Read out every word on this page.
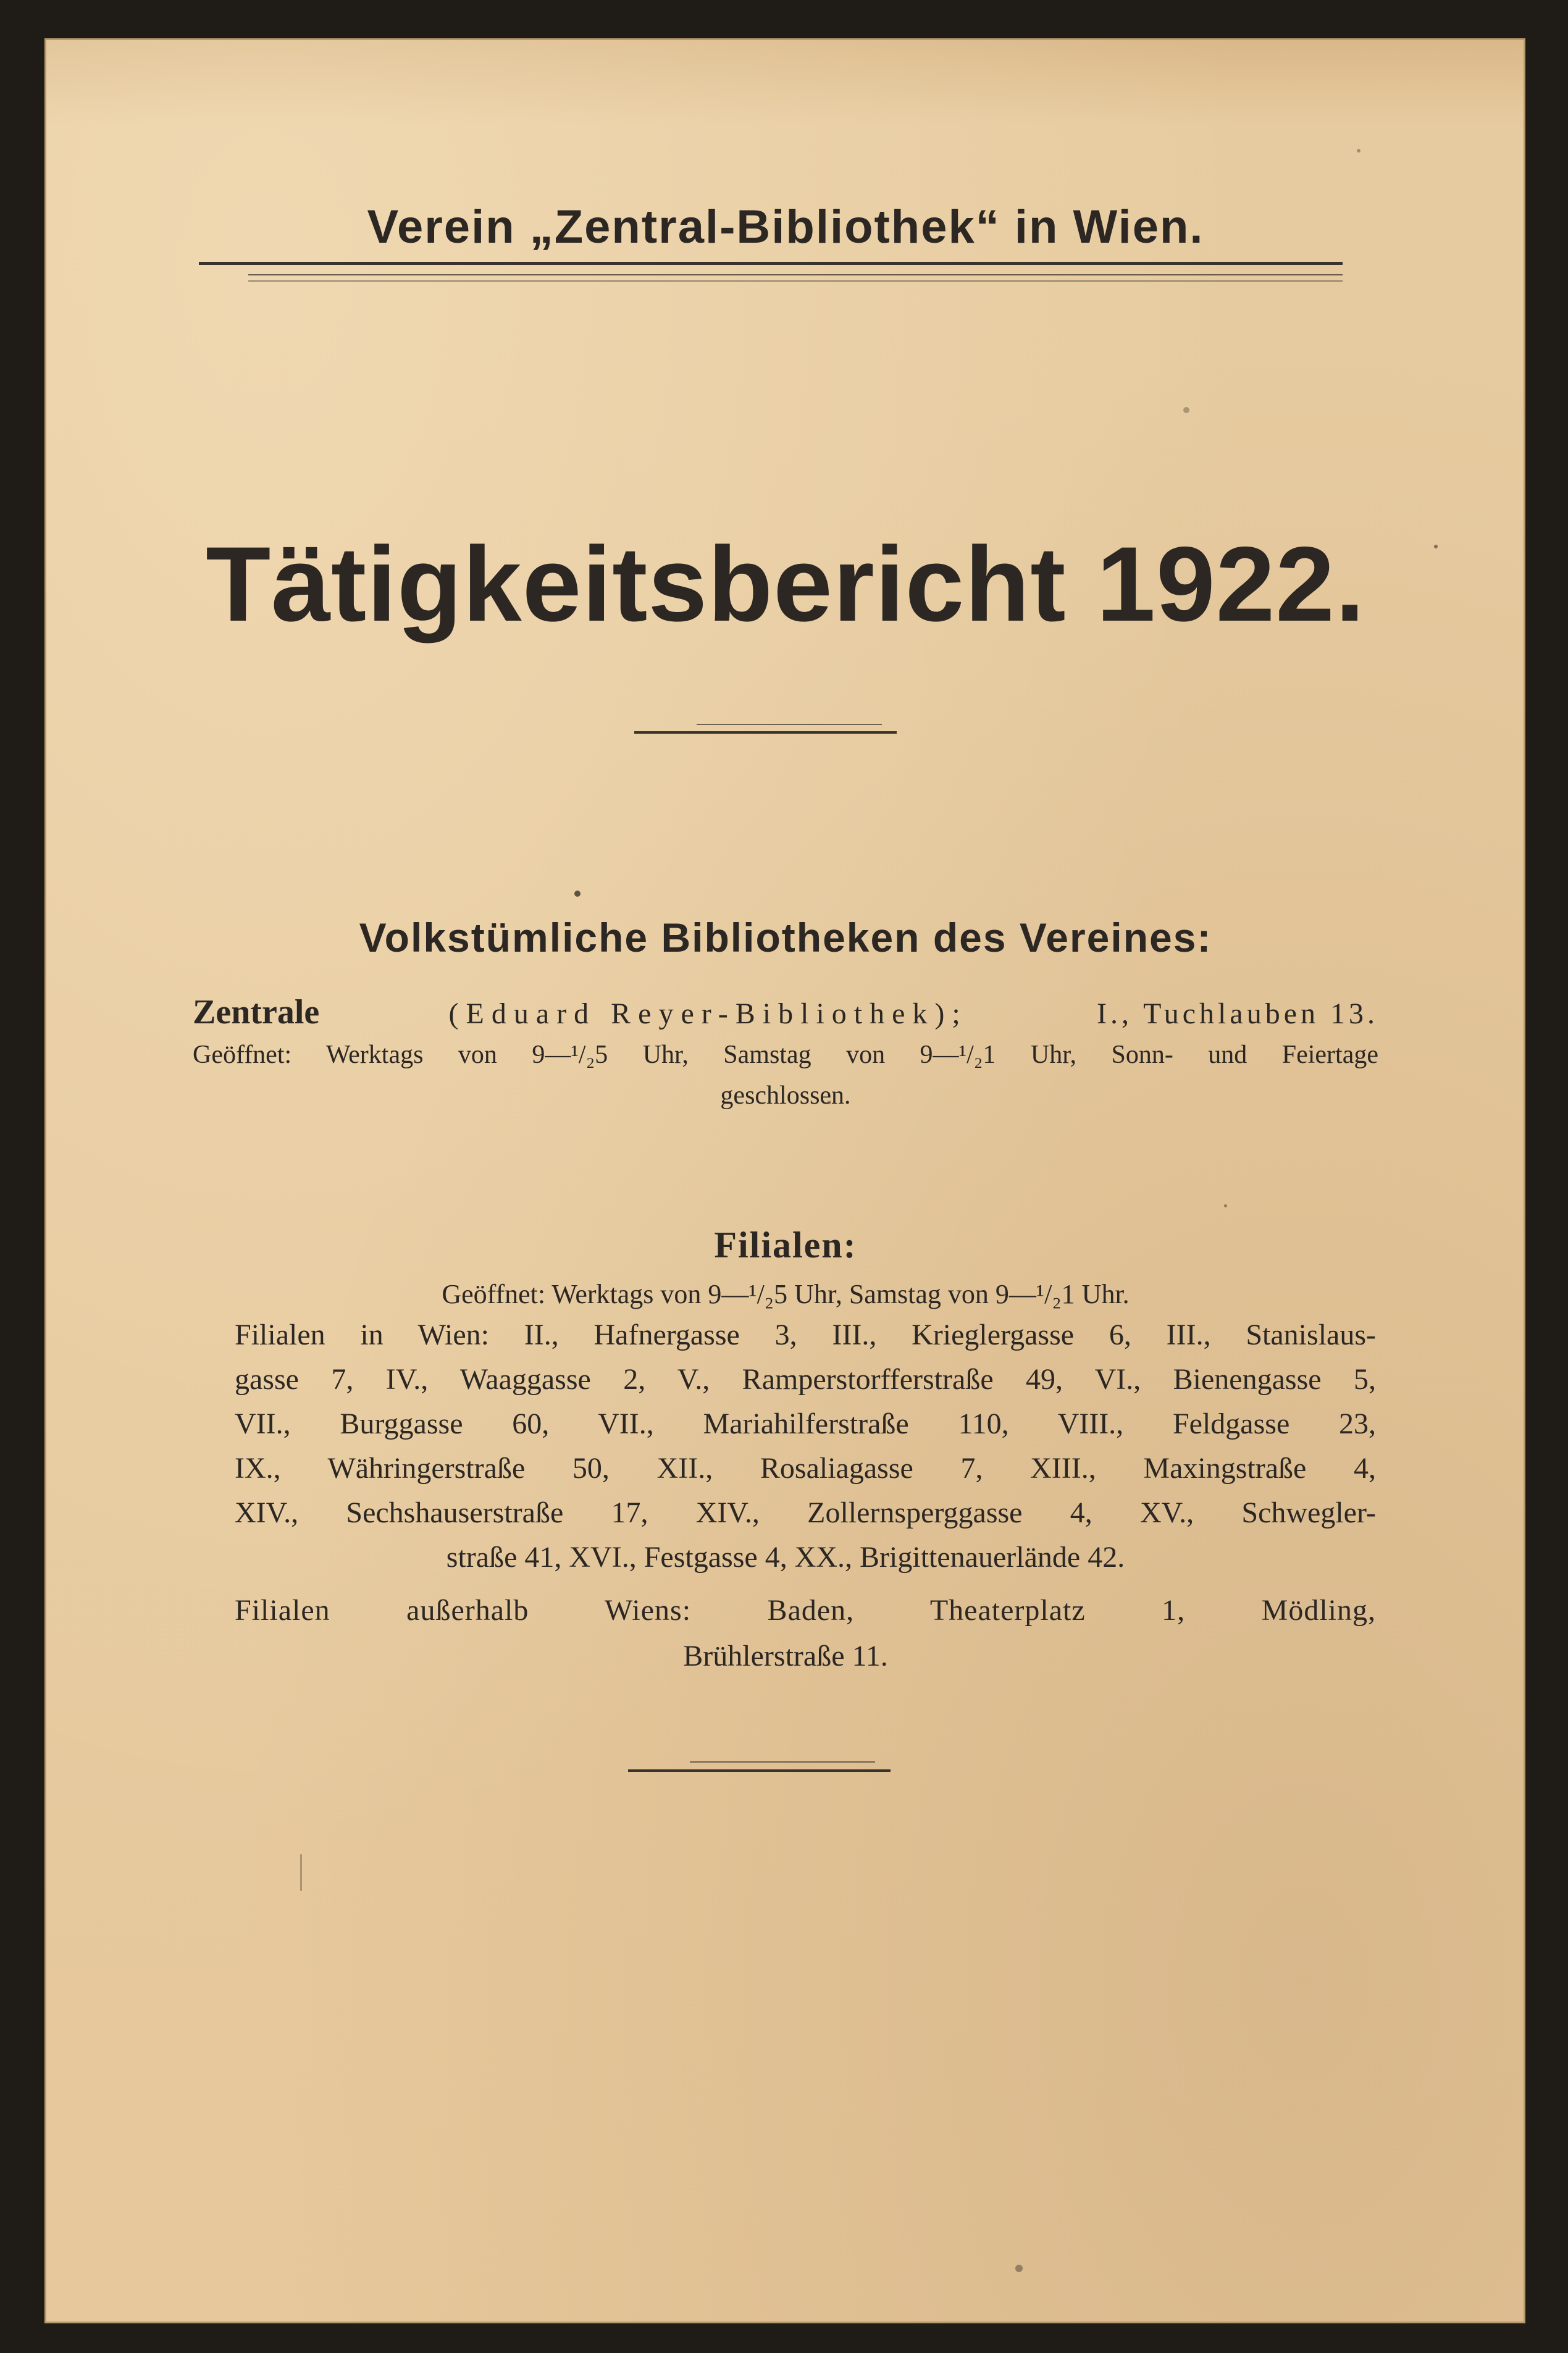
Verein „Zentral-Bibliothek“ in Wien.
Tätigkeitsbericht 1922.
Volkstümliche Bibliotheken des Vereines:
Zentrale	(Eduard Reyer-Bibliothek);	I., Tuchlauben 13.
Geöffnet: Werktags von 9—¹/₂5 Uhr, Samstag von 9—¹/₂1 Uhr, Sonn- und Feiertage
geschlossen.
Filialen:
Geöffnet: Werktags von 9—¹/₂5 Uhr, Samstag von 9—¹/₂1 Uhr.
Filialen in Wien: II., Hafnergasse 3, III., Krieglergasse 6, III., Stanislaus-
gasse 7, IV., Waaggasse 2, V., Ramperstorfferstraße 49, VI., Bienengasse 5,
VII., Burggasse 60, VII., Mariahilferstraße 110, VIII., Feldgasse 23,
IX., Währingerstraße 50, XII., Rosaliagasse 7, XIII., Maxingstraße 4,
XIV., Sechshauserstraße 17, XIV., Zollernsperggasse 4, XV., Schwegler-
straße 41, XVI., Festgasse 4, XX., Brigittenauerlände 42.
Filialen außerhalb Wiens: Baden, Theaterplatz 1, Mödling,
Brühlerstraße 11.
